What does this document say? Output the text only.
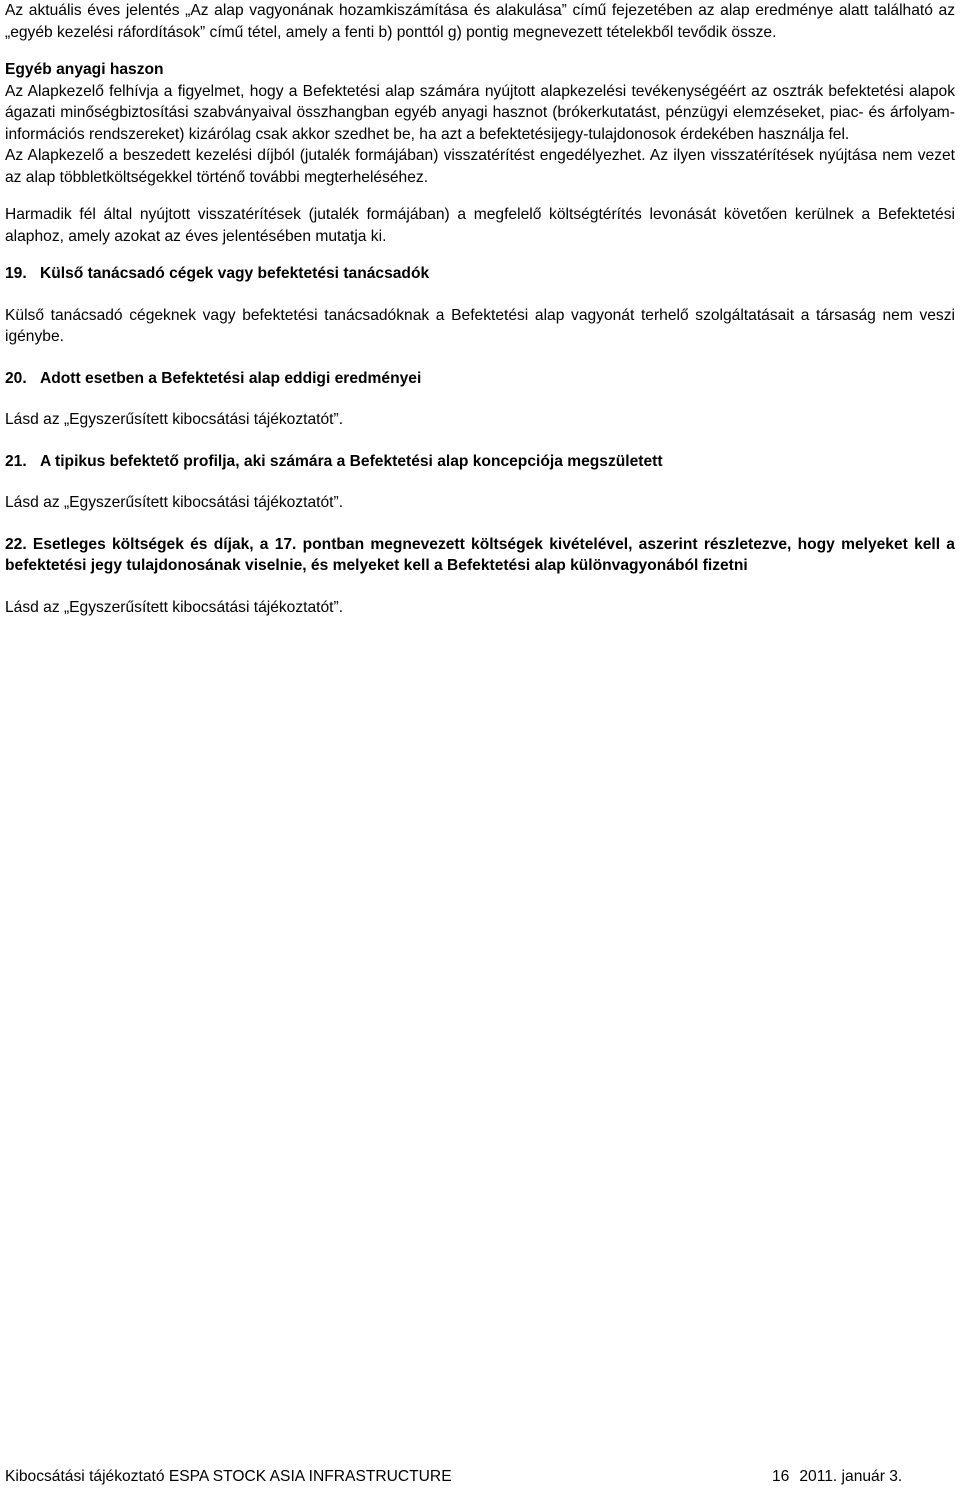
Az aktuális éves jelentés „Az alap vagyonának hozamkiszámítása és alakulása” című fejezetében az alap eredménye alatt található az „egyéb kezelési ráfordítások” című tétel, amely a fenti b) ponttól g) pontig megnevezett tételekből tevődik össze.

Egyéb anyagi haszon

Az Alapkezelő felhívja a figyelmet, hogy a Befektetési alap számára nyújtott alapkezelési tevékenységéért az osztrák befektetési alapok ágazati minőségbiztosítási szabványaival összhangban egyéb anyagi hasznot (brókerkutatást, pénzügyi elemzéseket, piac- és árfolyam-információs rendszereket) kizárólag csak akkor szedhet be, ha azt a befektetésijegy-tulajdonosok érdekében használja fel.

Az Alapkezelő a beszedett kezelési díjból (jutalék formájában) visszatérítést engedélyezhet. Az ilyen visszatérítések nyújtása nem vezet az alap többletköltségekkel történő további megterheléséhez.

Harmadik fél által nyújtott visszatérítések (jutalék formájában) a megfelelő költségtérítés levonását követően kerülnek a Befektetési alaphoz, amely azokat az éves jelentésében mutatja ki.

19. Külső tanácsadó cégek vagy befektetési tanácsadók

Külső tanácsadó cégeknek vagy befektetési tanácsadóknak a Befektetési alap vagyonát terhelő szolgáltatásait a társaság nem veszi igénybe.

20. Adott esetben a Befektetési alap eddigi eredményei

Lásd az „Egyszerűsített kibocsátási tájékoztatót”.

21. A tipikus befektető profilja, aki számára a Befektetési alap koncepciója megszületett

Lásd az „Egyszerűsített kibocsátási tájékoztatót”.

22. Esetleges költségek és díjak, a 17. pontban megnevezett költségek kivételével, aszerint részletezve, hogy melyeket kell a befektetési jegy tulajdonosának viselnie, és melyeket kell a Befektetési alap különvagyonából fizetni

Lásd az „Egyszerűsített kibocsátási tájékoztatót”.

Kibocsátási tájékoztató ESPA STOCK ASIA INFRASTRUCTURE	16 2011. január 3.
